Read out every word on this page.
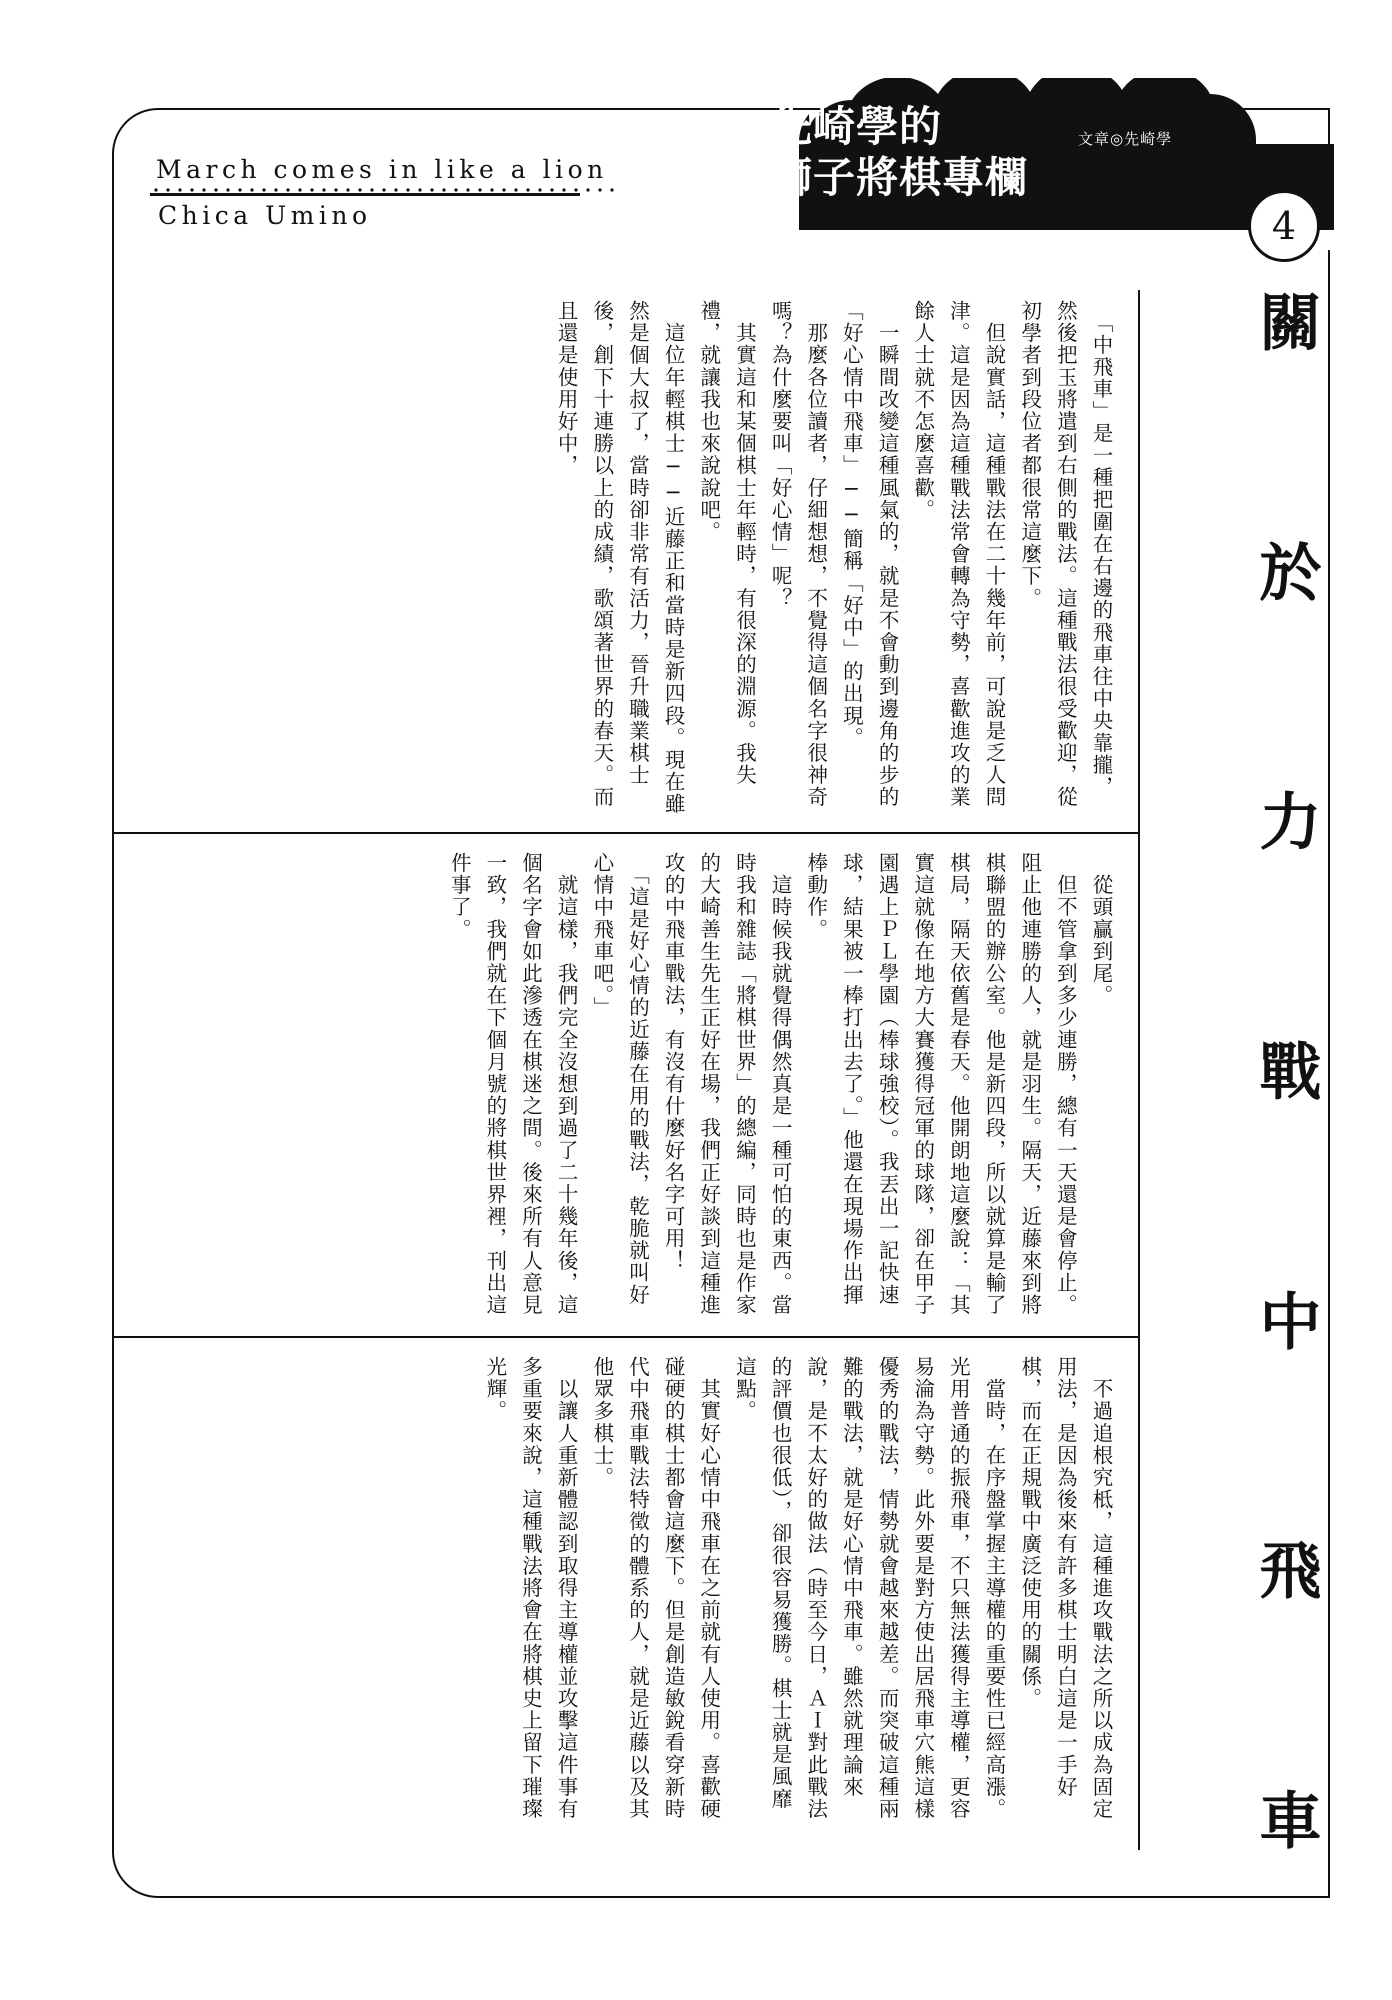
March comes in like a lion
Chica Umino
先崎學的
獅子將棋專欄
文章◎先崎學
4
關
於
力
戰
中
飛
車

　「中飛車」是一種把圍在右邊的飛車往中央靠攏，然後把玉將遣到右側的戰法。這種戰法很受歡迎，從初學者到段位者都很常這麼下。

　但說實話，這種戰法在二十幾年前，可說是乏人問津。這是因為這種戰法常會轉為守勢，喜歡進攻的業餘人士就不怎麼喜歡。

　一瞬間改變這種風氣的，就是不會動到邊角的步的「好心情中飛車」──簡稱「好中」的出現。

　那麼各位讀者，仔細想想，不覺得這個名字很神奇嗎？為什麼要叫「好心情」呢？

　其實這和某個棋士年輕時，有很深的淵源。我失禮，就讓我也來說說吧。

　這位年輕棋士──近藤正和當時是新四段。現在雖然是個大叔了，當時卻非常有活力，晉升職業棋士後，創下十連勝以上的成績，歌頌著世界的春天。而且還是使用好中，

　從頭贏到尾。

　但不管拿到多少連勝，總有一天還是會停止。阻止他連勝的人，就是羽生。隔天，近藤來到將棋聯盟的辦公室。他是新四段，所以就算是輸了棋局，隔天依舊是春天。他開朗地這麼說：「其實這就像在地方大賽獲得冠軍的球隊，卻在甲子園遇上ＰＬ學園（棒球強校）。我丟出一記快速球，結果被一棒打出去了。」他還在現場作出揮棒動作。

　這時候我就覺得偶然真是一種可怕的東西。當時我和雜誌「將棋世界」的總編，同時也是作家的大崎善生先生正好在場，我們正好談到這種進攻的中飛車戰法，有沒有什麼好名字可用！

　「這是好心情的近藤在用的戰法，乾脆就叫好心情中飛車吧。」

　就這樣，我們完全沒想到過了二十幾年後，這個名字會如此滲透在棋迷之間。後來所有人意見一致，我們就在下個月號的將棋世界裡，刊出這件事了。

　不過追根究柢，這種進攻戰法之所以成為固定用法，是因為後來有許多棋士明白這是一手好棋，而在正規戰中廣泛使用的關係。

　當時，在序盤掌握主導權的重要性已經高漲。光用普通的振飛車，不只無法獲得主導權，更容易淪為守勢。此外要是對方使出居飛車穴熊這樣優秀的戰法，情勢就會越來越差。而突破這種兩難的戰法，就是好心情中飛車。雖然就理論來說，是不太好的做法（時至今日，ＡＩ對此戰法的評價也很低），卻很容易獲勝。棋士就是風靡這點。

　其實好心情中飛車在之前就有人使用。喜歡硬碰硬的棋士都會這麼下。但是創造敏銳看穿新時代中飛車戰法特徵的體系的人，就是近藤以及其他眾多棋士。

　以讓人重新體認到取得主導權並攻擊這件事有多重要來說，這種戰法將會在將棋史上留下璀璨光輝。
